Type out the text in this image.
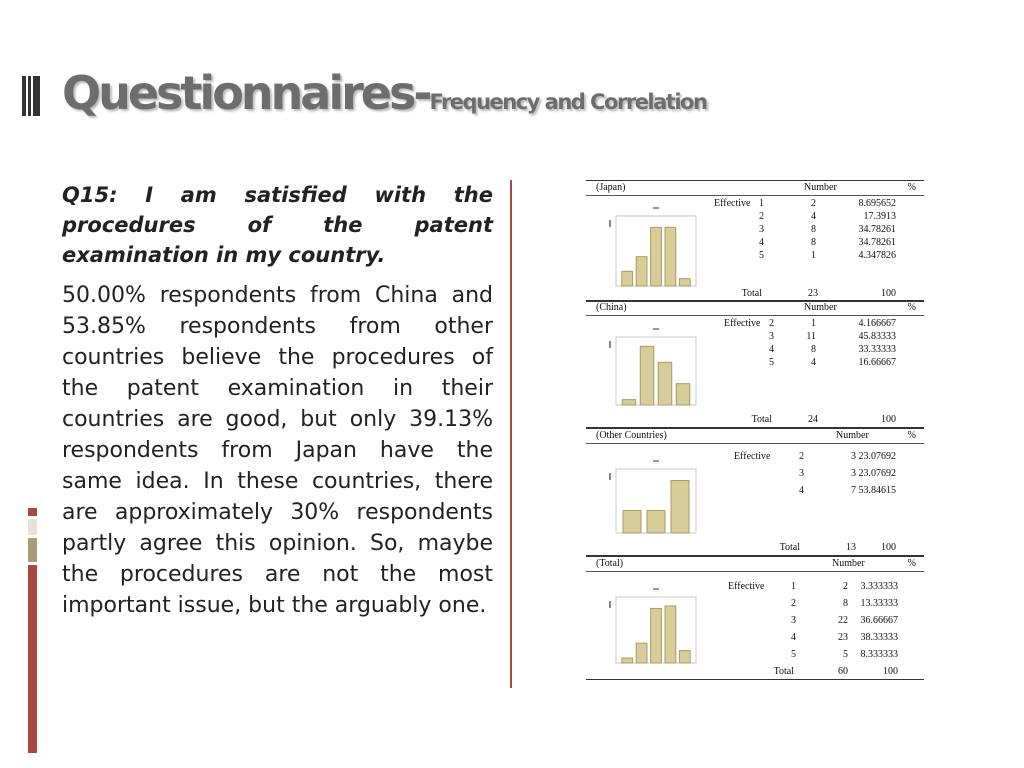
Questionnaires-Frequency and Correlation

Q15: I am satisfied with the procedures of the patent examination in my country.

50.00% respondents from China and 53.85% respondents from other countries believe the procedures of the patent examination in their countries are good, but only 39.13% respondents from Japan have the same idea. In these countries, there are approximately 30% respondents partly agree this opinion. So, maybe the procedures are not the most important issue, but the arguably one.

(Japan)	Number	%
Effective 1	2	8.695652
2	4	17.3913
3	8	34.78261
4	8	34.78261
5	1	4.347826
Total	23	100
(China)	Number	%
Effective 2	1	4.166667
3	11	45.83333
4	8	33.33333
5	4	16.66667
Total	24	100
(Other Countries)	Number	%
Effective	2	3 23.07692
3	3 23.07692
4	7 53.84615
Total	13	100
(Total)	Number	%
Effective	1	2 3.333333
2	8 13.33333
3	22 36.66667
4	23 38.33333
5	5 8.333333
Total	60	100
